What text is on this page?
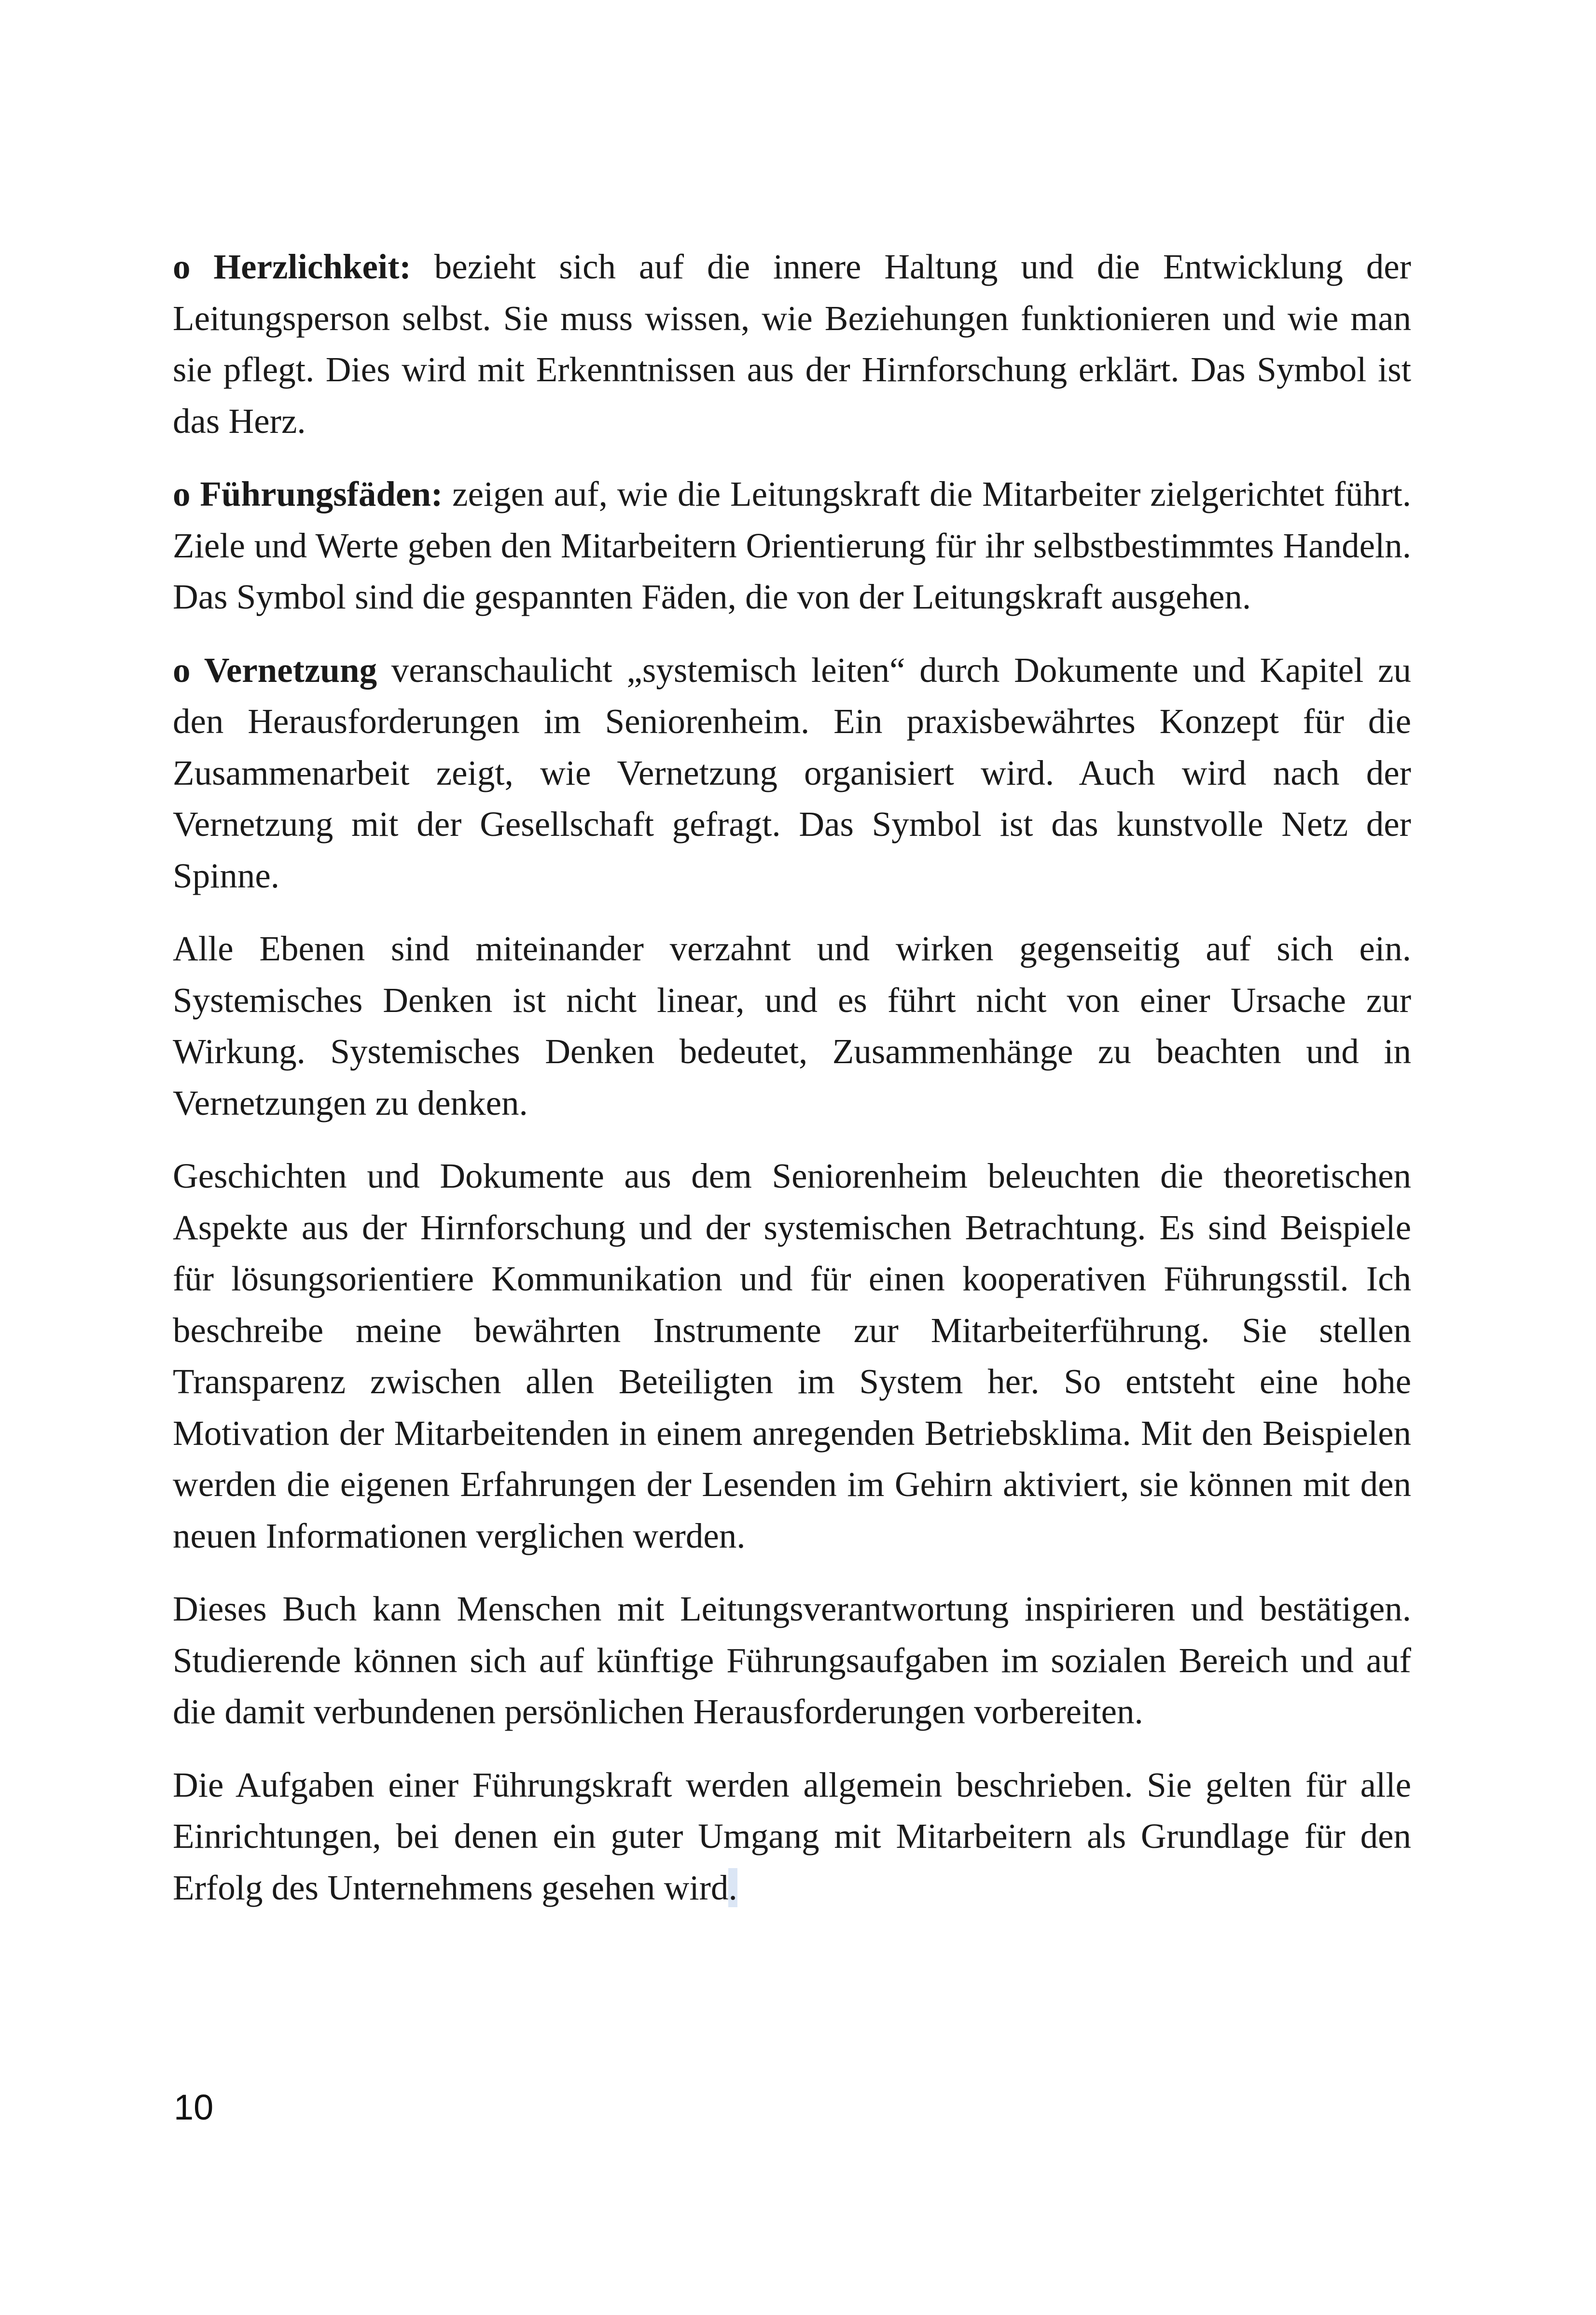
o Herzlichkeit: bezieht sich auf die innere Haltung und die Entwicklung der Leitungsperson selbst. Sie muss wissen, wie Beziehungen funktionieren und wie man sie pflegt. Dies wird mit Erkenntnissen aus der Hirnforschung erklärt. Das Symbol ist das Herz.

o Führungsfäden: zeigen auf, wie die Leitungskraft die Mitarbeiter zielgerichtet führt. Ziele und Werte geben den Mitarbeitern Orientierung für ihr selbstbestimmtes Handeln. Das Symbol sind die gespannten Fäden, die von der Leitungskraft ausgehen.

o Vernetzung veranschaulicht „systemisch leiten“ durch Dokumente und Kapitel zu den Herausforderungen im Seniorenheim. Ein praxisbewährtes Konzept für die Zusammenarbeit zeigt, wie Vernetzung organisiert wird. Auch wird nach der Vernetzung mit der Gesellschaft gefragt. Das Symbol ist das kunstvolle Netz der Spinne.

Alle Ebenen sind miteinander verzahnt und wirken gegenseitig auf sich ein. Systemisches Denken ist nicht linear, und es führt nicht von einer Ursache zur Wirkung. Systemisches Denken bedeutet, Zusammenhänge zu beachten und in Vernetzungen zu denken.

Geschichten und Dokumente aus dem Seniorenheim beleuchten die theoretischen Aspekte aus der Hirnforschung und der systemischen Betrachtung. Es sind Beispiele für lösungsorientiere Kommunikation und für einen kooperativen Führungsstil. Ich beschreibe meine bewährten Instrumente zur Mitarbeiterführung. Sie stellen Transparenz zwischen allen Beteiligten im System her. So entsteht eine hohe Motivation der Mitarbeitenden in einem anregenden Betriebsklima. Mit den Beispielen werden die eigenen Erfahrungen der Lesenden im Gehirn aktiviert, sie können mit den neuen Informationen verglichen werden.

Dieses Buch kann Menschen mit Leitungsverantwortung inspirieren und bestätigen. Studierende können sich auf künftige Führungsaufgaben im sozialen Bereich und auf die damit verbundenen persönlichen Herausforderungen vorbereiten.

Die Aufgaben einer Führungskraft werden allgemein beschrieben. Sie gelten für alle Einrichtungen, bei denen ein guter Umgang mit Mitarbeitern als Grundlage für den Erfolg des Unternehmens gesehen wird.

10
